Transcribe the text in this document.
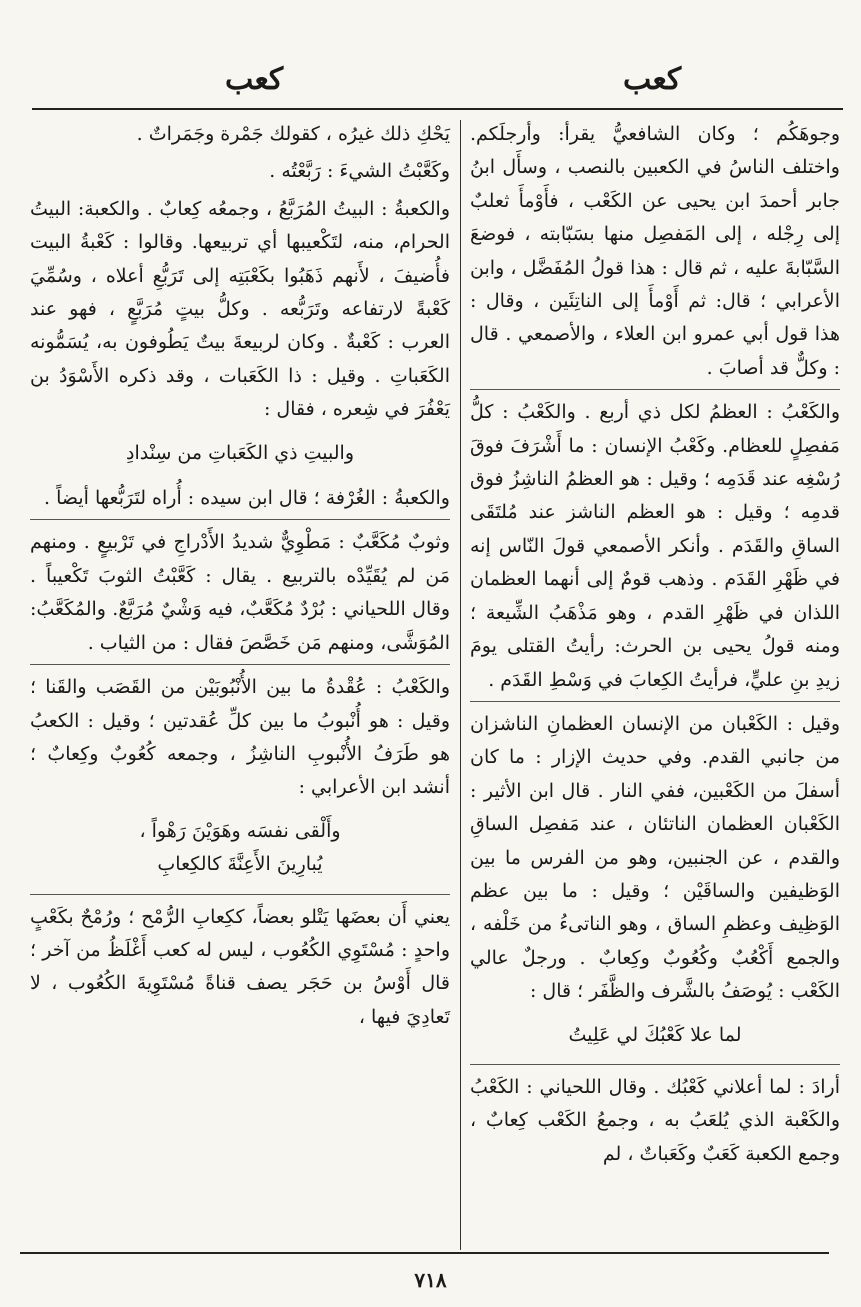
كعب	كعب

وجوهَكُم ؛ وكان الشافعيُّ يقرأ: وأرجلَكم. واختلف الناسُ في الكعبين بالنصب ، وسأَل ابنُ جابر أحمدَ ابن يحيى عن الكَعْب ، فأَوْمأَ ثعلبٌ إلى رِجْله ، إلى المَفصِل منها بسَبّابته ، فوضعَ السَّبّابةَ عليه ، ثم قال : هذا قولُ المُفَضَّل ، وابن الأعرابي ؛ قال: ثم أَوْمأَ إلى الناتِئَين ، وقال : هذا قول أبي عمرو ابن العلاء ، والأصمعي . قال : وكلٌّ قد أصابَ .

والكَعْبُ : العظمُ لكل ذي أربع . والكَعْبُ : كلُّ مَفصِلٍ للعظام. وكَعْبُ الإنسان : ما أَشْرَفَ فوقَ رُسْغِه عند قَدَمِه ؛ وقيل : هو العظمُ الناشِزُ فوق قدمِه ؛ وقيل : هو العظم الناشز عند مُلتَقَى الساقِ والقَدَم . وأنكر الأصمعي قولَ النّاس إنه في ظَهْرِ القَدَم . وذهب قومٌ إلى أنهما العظمان اللذان في ظَهْرِ القدم ، وهو مَذْهَبُ الشِّيعة ؛ ومنه قولُ يحيى بن الحرث: رأيتُ القتلى يومَ زيدِ بنِ عليٍّ، فرأيتُ الكِعابَ في وَسْطِ القَدَم .

وقيل : الكَعْبان من الإنسان العظمانِ الناشزان من جانبي القدم. وفي حديث الإزار : ما كان أسفلَ من الكَعْبين، ففي النار . قال ابن الأثير : الكَعْبان العظمان الناتئان ، عند مَفصِل الساقِ والقدم ، عن الجنبين، وهو من الفرس ما بين الوَظيفين والساقَيْن ؛ وقيل : ما بين عظم الوَظِيف وعظمِ الساق ، وهو الناتىءُ من خَلْفه ، والجمع أَكْعُبٌ وكُعُوبٌ وكِعابٌ . ورجلٌ عالي الكَعْب : يُوصَفُ بالشَّرف والظَّفَر ؛ قال :

لما علا كَعْبُكَ لي عَلِيتُ

أرادَ : لما أعلاني كَعْبُك . وقال اللحياني : الكَعْبُ والكَعْبة الذي يُلعَبُ به ، وجمعُ الكَعْب كِعابٌ ، وجمع الكعبة كَعَبٌ وكَعَباتٌ ، لم

يَحْكِ ذلك غيرُه ، كقولك جَمْرة وجَمَراتٌ .

وكَعَّبْتُ الشيءَ : رَبَّعْتُه .

والكعبةُ : البيتُ المُرَبَّعُ ، وجمعُه كِعابٌ . والكعبة: البيتُ الحرام، منه، لتَكْعيبها أي تربيعها. وقالوا : كَعْبةُ البيت فأُضيفَ ، لأَنهم ذَهَبُوا بكَعْبَتِه إلى تَرَبُّعِ أعلاه ، وسُمِّيَ كَعْبةً لارتفاعه وتَرَبُّعه . وكلُّ بيتٍ مُرَبَّعٍ ، فهو عند العرب : كَعْبةٌ . وكان لربيعةَ بيتٌ يَطُوفون به، يُسَمُّونه الكَعَباتِ . وقيل : ذا الكَعَبات ، وقد ذكره الأَسْوَدُ بن يَعْفُرَ في شِعره ، فقال :

والبيتِ ذي الكَعَباتِ من سِنْدادِ

والكعبةُ : الغُرْفة ؛ قال ابن سيده : أُراه لتَرَبُّعها أيضاً .

وثوبٌ مُكَعَّبٌ : مَطْوِيٌّ شديدُ الأَدْراجِ في تَرْبيعٍ . ومنهم مَن لم يُقَيِّدْه بالتربيع . يقال : كَعَّبْتُ الثوبَ تَكْعيباً . وقال اللحياني : بُرْدٌ مُكَعَّبٌ، فيه وَشْيٌ مُرَبَّعٌ. والمُكَعَّبُ: المُوَشَّى، ومنهم مَن خَصَّصَ فقال : من الثياب .

والكَعْبُ : عُقْدةُ ما بين الأُنْبُوبَيْن من القَصَب والقَنا ؛ وقيل : هو أُنْبوبُ ما بين كلِّ عُقدتين ؛ وقيل : الكعبُ هو طَرَفُ الأُنْبوبِ الناشِزُ ، وجمعه كُعُوبٌ وكِعابٌ ؛ أنشد ابن الأعرابي :

وأَلْقى نفسَه وهَوَيْنَ رَهْواً ،

يُبارِينَ الأَعِنَّةَ كالكِعابِ

يعني أَن بعضَها يَتْلو بعضاً، ككِعابِ الرُّمْح ؛ ورُمْحٌ بكَعْبٍ واحدٍ : مُسْتَوِي الكُعُوب ، ليس له كعب أَغْلَظُ من آخر ؛ قال أَوْسُ بن حَجَر يصف قناةً مُسْتَوِيةَ الكُعُوب ، لا تَعادِيَ فيها ،

٧١٨
